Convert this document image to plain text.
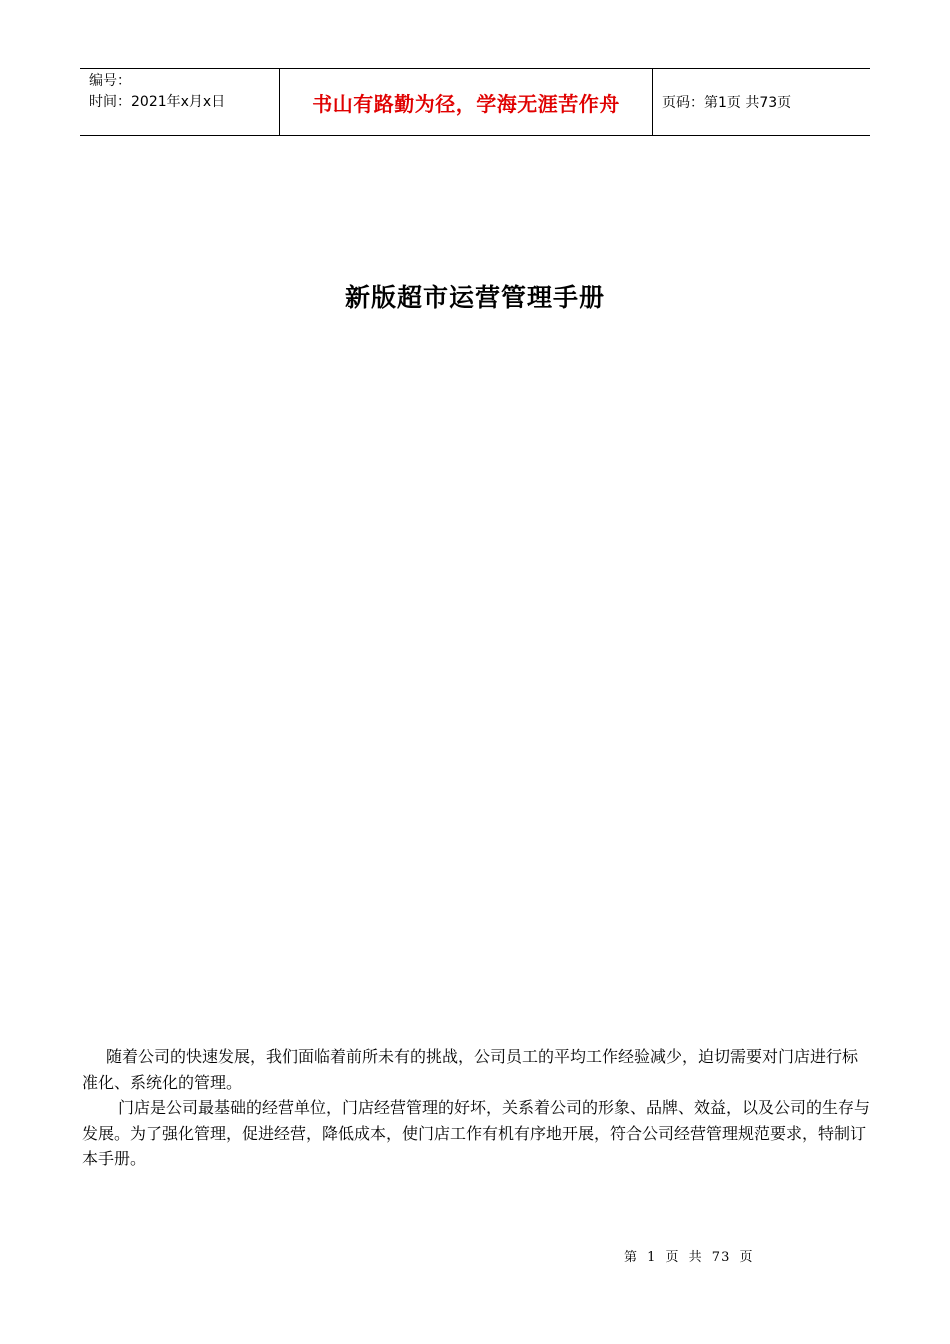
编号：
时间：2021年x月x日	书山有路勤为径，学海无涯苦作舟	页码：第1页 共73页
新版超市运营管理手册

随着公司的快速发展，我们面临着前所未有的挑战，公司员工的平均工作经验减少，迫切需要对门店进行标准化、系统化的管理。

门店是公司最基础的经营单位，门店经营管理的好坏，关系着公司的形象、品牌、效益，以及公司的生存与发展。为了强化管理，促进经营，降低成本，使门店工作有机有序地开展，符合公司经营管理规范要求，特制订本手册。

第 1 页 共 73 页
